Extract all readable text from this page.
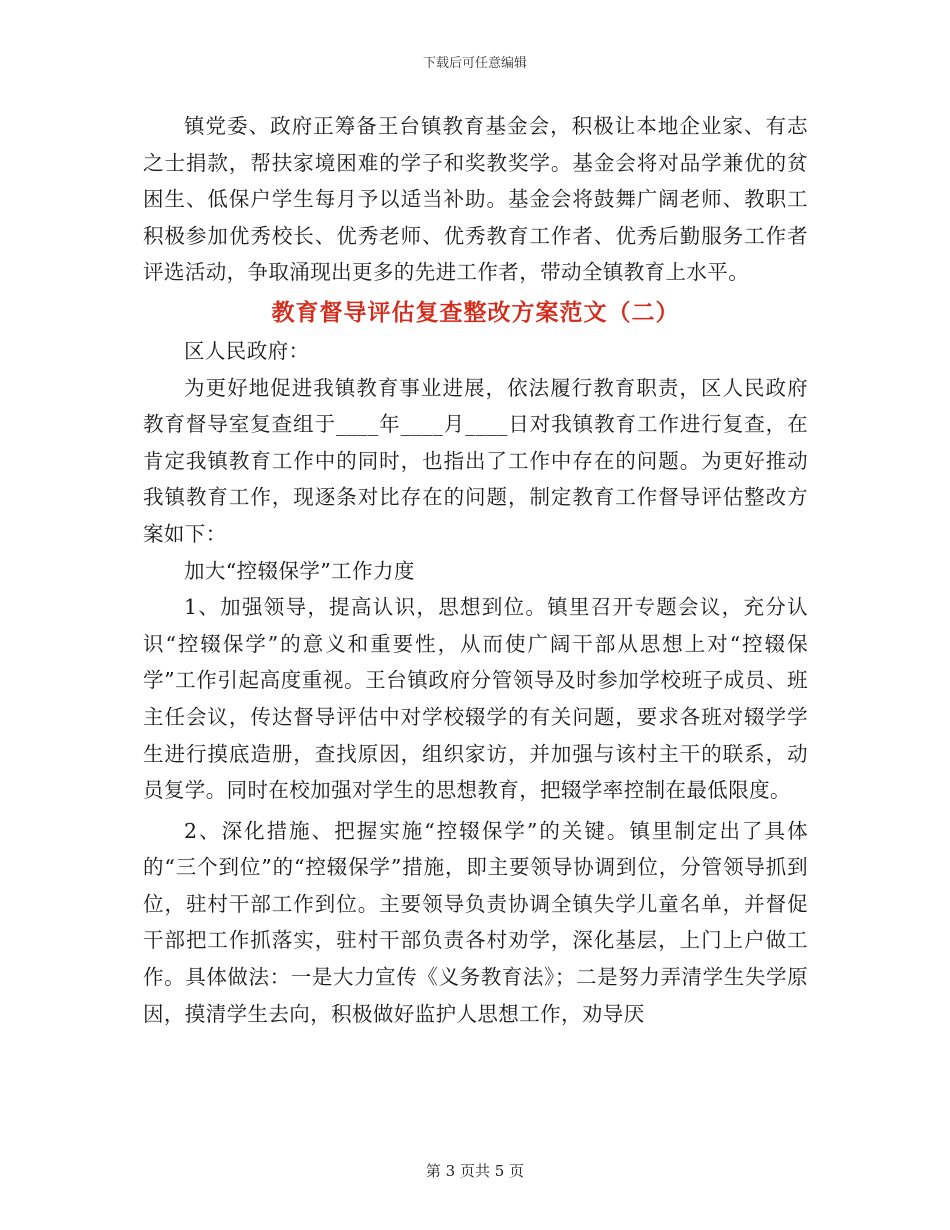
下载后可任意编辑

镇党委、政府正筹备王台镇教育基金会，积极让本地企业家、有志之士捐款，帮扶家境困难的学子和奖教奖学。基金会将对品学兼优的贫困生、低保户学生每月予以适当补助。基金会将鼓舞广阔老师、教职工积极参加优秀校长、优秀老师、优秀教育工作者、优秀后勤服务工作者评选活动，争取涌现出更多的先进工作者，带动全镇教育上水平。

教育督导评估复查整改方案范文（二）

区人民政府：

为更好地促进我镇教育事业进展，依法履行教育职责，区人民政府教育督导室复查组于____年____月____日对我镇教育工作进行复查，在肯定我镇教育工作中的同时，也指出了工作中存在的问题。为更好推动我镇教育工作，现逐条对比存在的问题，制定教育工作督导评估整改方案如下：

加大“控辍保学”工作力度

1、加强领导，提高认识，思想到位。镇里召开专题会议，充分认识“控辍保学”的意义和重要性，从而使广阔干部从思想上对“控辍保学”工作引起高度重视。王台镇政府分管领导及时参加学校班子成员、班主任会议，传达督导评估中对学校辍学的有关问题，要求各班对辍学学生进行摸底造册，查找原因，组织家访，并加强与该村主干的联系，动员复学。同时在校加强对学生的思想教育，把辍学率控制在最低限度。

2、深化措施、把握实施“控辍保学”的关键。镇里制定出了具体的“三个到位”的“控辍保学”措施，即主要领导协调到位，分管领导抓到位，驻村干部工作到位。主要领导负责协调全镇失学儿童名单，并督促干部把工作抓落实，驻村干部负责各村劝学，深化基层，上门上户做工作。具体做法：一是大力宣传《义务教育法》；二是努力弄清学生失学原因，摸清学生去向，积极做好监护人思想工作，劝导厌

第 3 页共 5 页
